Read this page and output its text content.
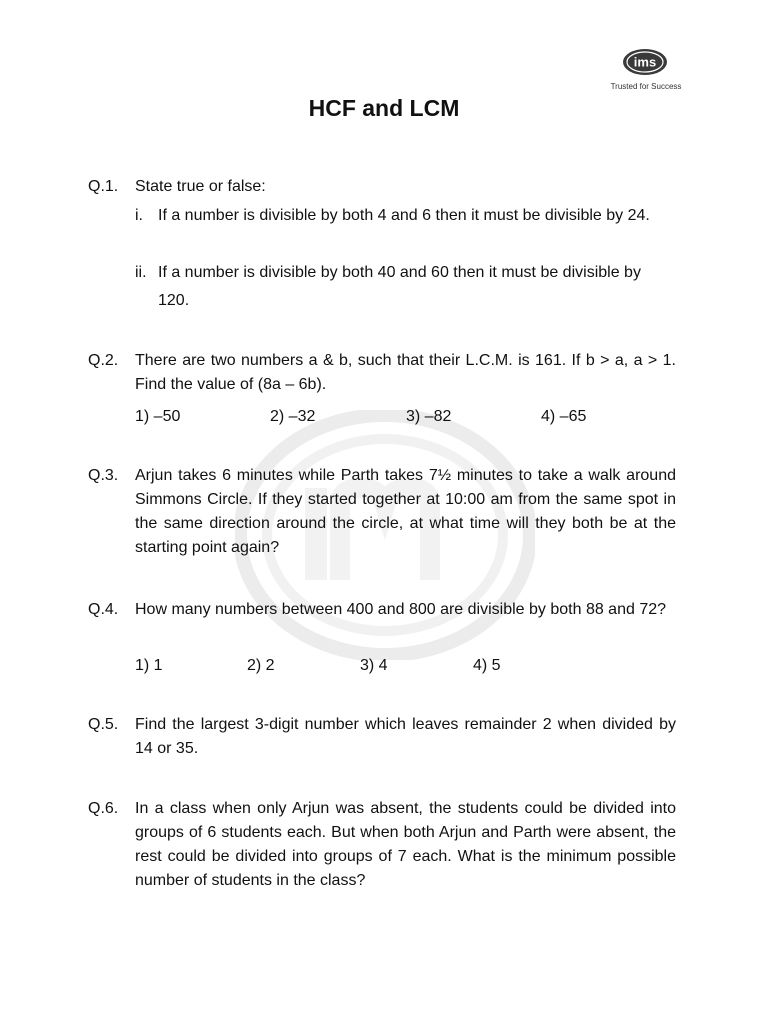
ims
Trusted for Success
HCF and LCM
Q.1. State true or false:
i. If a number is divisible by both 4 and 6 then it must be divisible by 24.
ii. If a number is divisible by both 40 and 60 then it must be divisible by 120.
Q.2. There are two numbers a & b, such that their L.C.M. is 161. If b > a, a > 1. Find the value of (8a – 6b).
1) –50	2) –32	3) –82	4) –65
Q.3. Arjun takes 6 minutes while Parth takes 7½ minutes to take a walk around Simmons Circle. If they started together at 10:00 am from the same spot in the same direction around the circle, at what time will they both be at the starting point again?
Q.4. How many numbers between 400 and 800 are divisible by both 88 and 72?
1) 1	2) 2	3) 4	4) 5
Q.5. Find the largest 3-digit number which leaves remainder 2 when divided by 14 or 35.
Q.6. In a class when only Arjun was absent, the students could be divided into groups of 6 students each. But when both Arjun and Parth were absent, the rest could be divided into groups of 7 each. What is the minimum possible number of students in the class?
